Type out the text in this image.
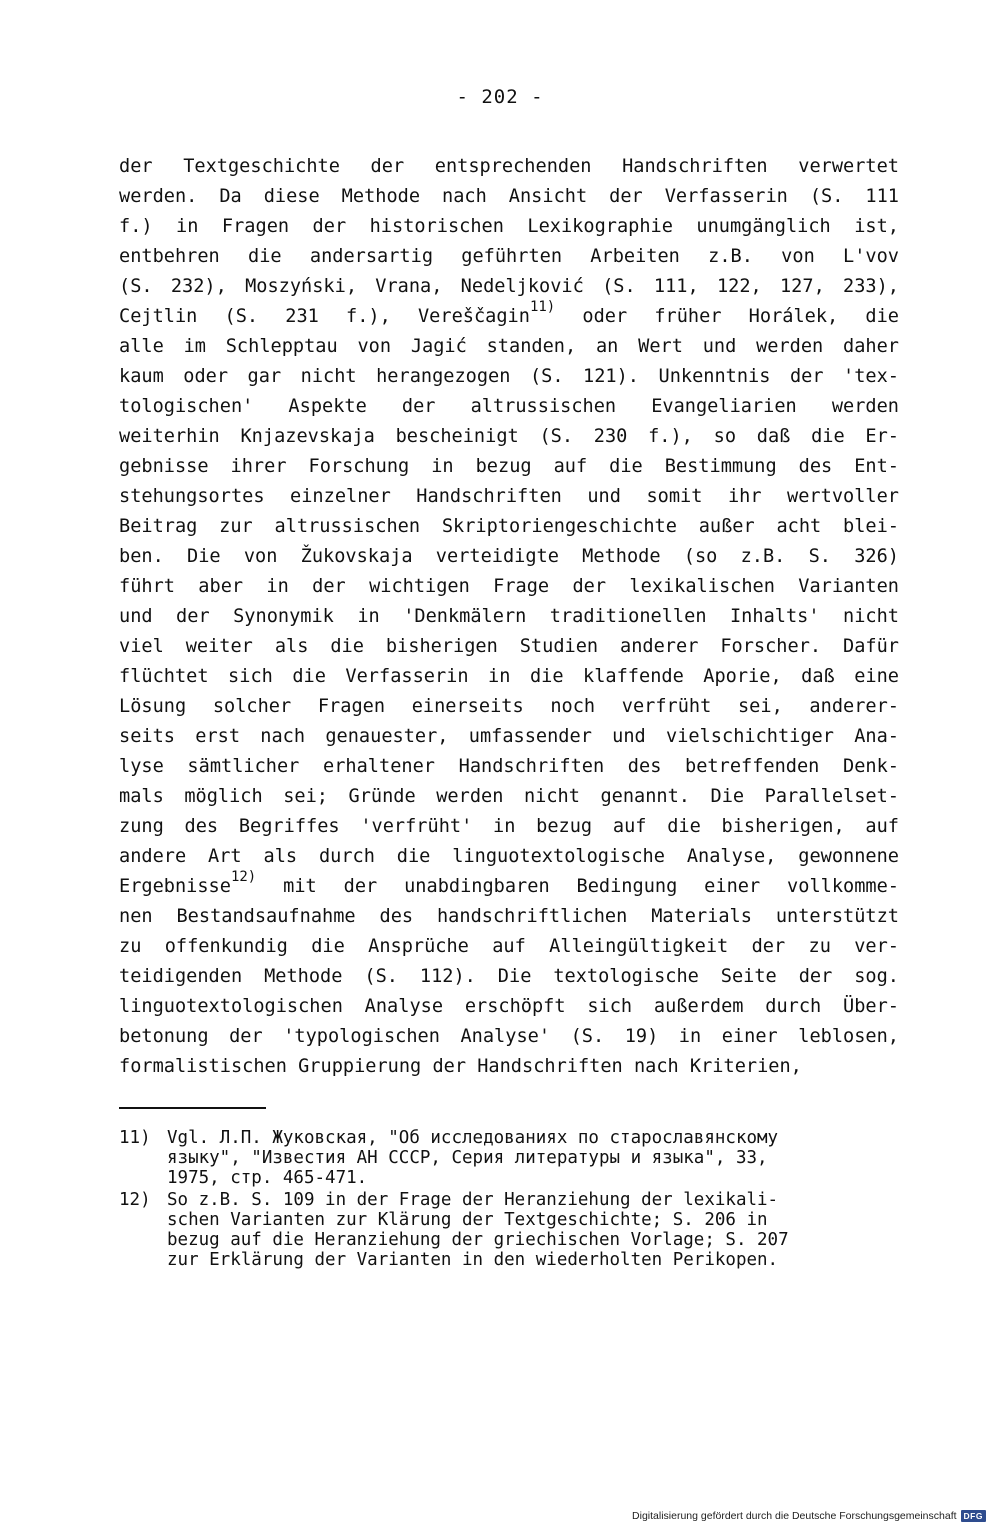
- 202 -
der Textgeschichte der entsprechenden Handschriften verwertet
werden. Da diese Methode nach Ansicht der Verfasserin (S. 111
f.) in Fragen der historischen Lexikographie unumgänglich ist,
entbehren die andersartig geführten Arbeiten z.B. von L'vov
(S. 232), Moszyński, Vrana, Nedeljković (S. 111, 122, 127, 233),
Cejtlin (S. 231 f.), Vereščagin$^{11)}$ oder früher Horálek, die
alle im Schlepptau von Jagić standen, an Wert und werden daher
kaum oder gar nicht herangezogen (S. 121). Unkenntnis der 'tex-
tologischen' Aspekte der altrussischen Evangeliarien werden
weiterhin Knjazevskaja bescheinigt (S. 230 f.), so daß die Er-
gebnisse ihrer Forschung in bezug auf die Bestimmung des Ent-
stehungsortes einzelner Handschriften und somit ihr wertvoller
Beitrag zur altrussischen Skriptoriengeschichte außer acht blei-
ben. Die von Žukovskaja verteidigte Methode (so z.B. S. 326)
führt aber in der wichtigen Frage der lexikalischen Varianten
und der Synonymik in 'Denkmälern traditionellen Inhalts' nicht
viel weiter als die bisherigen Studien anderer Forscher. Dafür
flüchtet sich die Verfasserin in die klaffende Aporie, daß eine
Lösung solcher Fragen einerseits noch verfrüht sei, anderer-
seits erst nach genauester, umfassender und vielschichtiger Ana-
lyse sämtlicher erhaltener Handschriften des betreffenden Denk-
mals möglich sei; Gründe werden nicht genannt. Die Parallelset-
zung des Begriffes 'verfrüht' in bezug auf die bisherigen, auf
andere Art als durch die linguotextologische Analyse, gewonnene
Ergebnisse$^{12)}$ mit der unabdingbaren Bedingung einer vollkomme-
nen Bestandsaufnahme des handschriftlichen Materials unterstützt
zu offenkundig die Ansprüche auf Alleingültigkeit der zu ver-
teidigenden Methode (S. 112). Die textologische Seite der sog.
linguotextologischen Analyse erschöpft sich außerdem durch Über-
betonung der 'typologischen Analyse' (S. 19) in einer leblosen,
formalistischen Gruppierung der Handschriften nach Kriterien,
11) Vgl. Л.П. Жуковская, "Об исследованиях по старославянскому
языку", "Известия АН СССР, Серия литературы и языка", 33,
1975, стр. 465-471.
12) So z.B. S. 109 in der Frage der Heranziehung der lexikali-
schen Varianten zur Klärung der Textgeschichte; S. 206 in
bezug auf die Heranziehung der griechischen Vorlage; S. 207
zur Erklärung der Varianten in den wiederholten Perikopen.
Digitalisierung gefördert durch die Deutsche Forschungsgemeinschaft DFG
